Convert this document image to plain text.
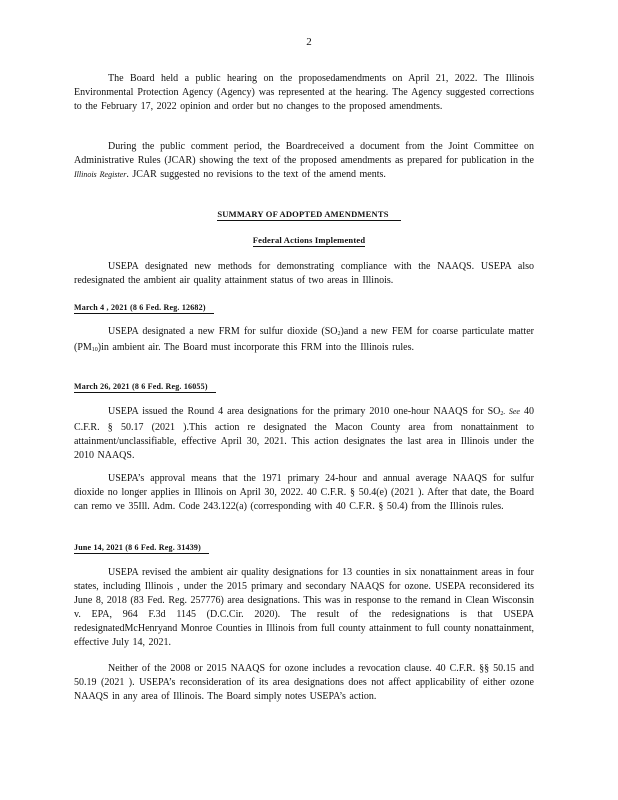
2
The Board held a public hearing on the proposedamendments on April 21, 2022. The Illinois Environmental Protection Agency (Agency) was represented at the hearing. The Agency suggested corrections to the February 17, 2022 opinion and order but no changes to the proposed amendments.
During the public comment period, the Boardreceived a document from the Joint Committee on Administrative Rules (JCAR) showing the text of the proposed amendments as prepared for publication in the Illinois Register. JCAR suggested no revisions to the text of the amend ments.
SUMMARY OF ADOPTED AMENDMENTS
Federal Actions Implemented
USEPA designated new methods for demonstrating compliance with the NAAQS. USEPA also redesignated the ambient air quality attainment status of two areas in Illinois.
March 4 , 2021 (8 6 Fed. Reg. 12682)
USEPA designated a new FRM for sulfur dioxide $(SO_2)and$ a new FEM for coarse particulate matter $(PM_{10})in$ ambient air. The Board must incorporate this FRM into the Illinois rules.
March 26, 2021 (8 6 Fed. Reg. 16055)
USEPA issued the Round 4 area designations for the primary 2010 one-hour NAAQS for $SO_2$. See 40 C.F.R. § 50.17 (2021 ).This action re designated the Macon County area from nonattainment to attainment/unclassifiable, effective April 30, 2021. This action designates the last area in Illinois under the 2010 NAAQS.
USEPA’s approval means that the 1971 primary 24-hour and annual average NAAQS for sulfur dioxide no longer applies in Illinois on April 30, 2022. 40 C.F.R. § 50.4(e) (2021 ). After that date, the Board can remo ve 35Ill. Adm. Code 243.122(a) (corresponding with 40 C.F.R. § 50.4) from the Illinois rules.
June 14, 2021 (8 6 Fed. Reg. 31439)
USEPA revised the ambient air quality designations for 13 counties in six nonattainment areas in four states, including Illinois , under the 2015 primary and secondary NAAQS for ozone. USEPA reconsidered its June 8, 2018 (83 Fed. Reg. 257776) area designations. This was in response to the remand in Clean Wisconsin v. EPA, 964 F.3d 1145 (D.C.Cir. 2020). The result of the redesignations is that USEPA redesignatedMcHenryand Monroe Counties in Illinois from full county attainment to full county nonattainment, effective July 14, 2021.
Neither of the 2008 or 2015 NAAQS for ozone includes a revocation clause. 40 C.F.R. §§ 50.15 and 50.19 (2021 ). USEPA’s reconsideration of its area designations does not affect applicability of either ozone NAAQS in any area of Illinois. The Board simply notes USEPA’s action.
